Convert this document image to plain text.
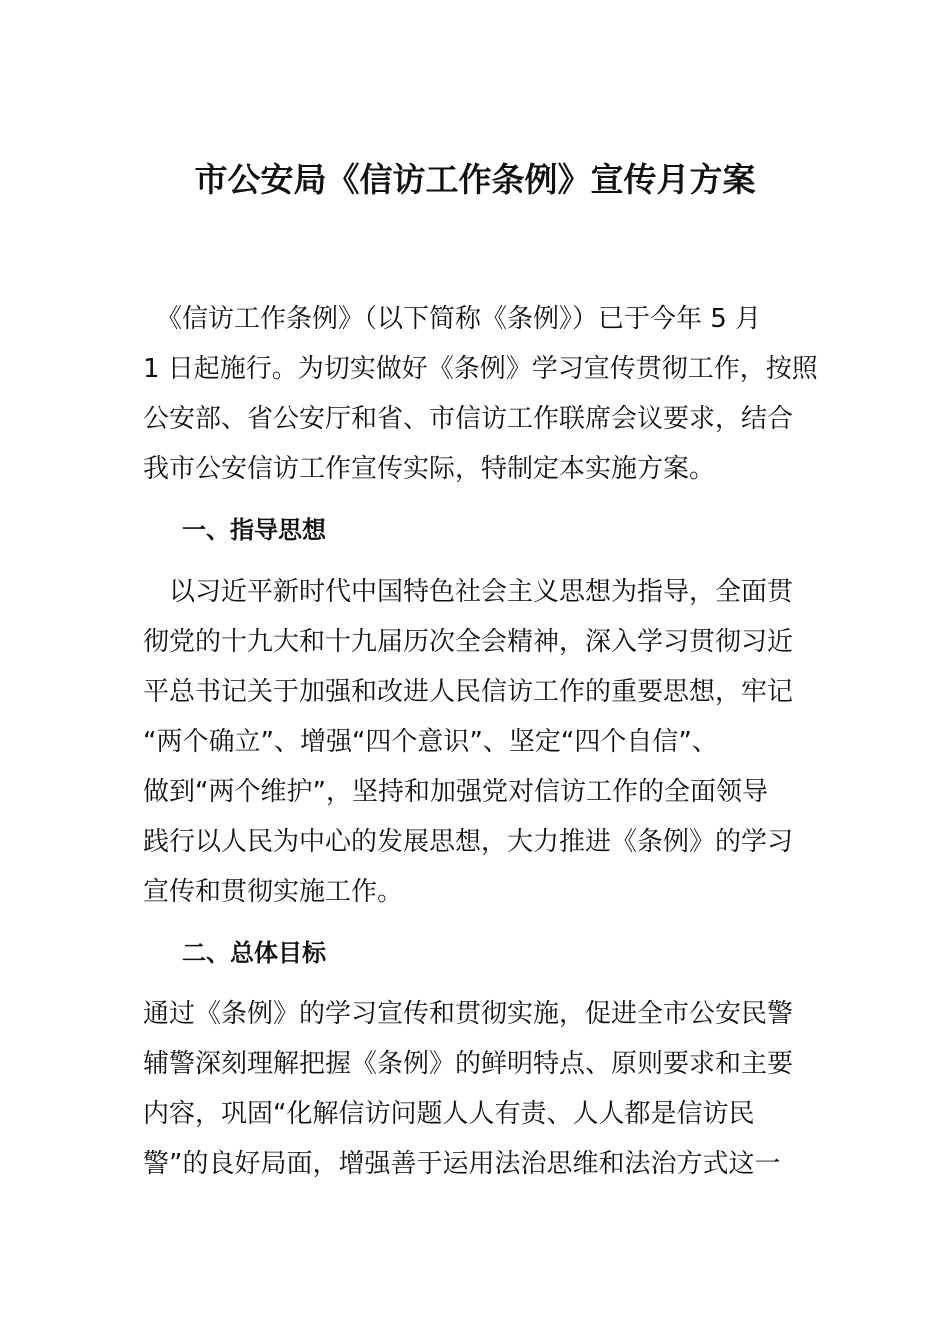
市公安局《信访工作条例》宣传月方案
　《信访工作条例》（以下简称《条例》）已于今年 5 月
1 日起施行。为切实做好《条例》学习宣传贯彻工作，按照
公安部、省公安厅和省、市信访工作联席会议要求，结合
我市公安信访工作宣传实际，特制定本实施方案。
一、指导思想
　以习近平新时代中国特色社会主义思想为指导，全面贯
彻党的十九大和十九届历次全会精神，深入学习贯彻习近
平总书记关于加强和改进人民信访工作的重要思想，牢记
“两个确立”、增强“四个意识”、坚定“四个自信”、
做到“两个维护”，坚持和加强党对信访工作的全面领导
践行以人民为中心的发展思想，大力推进《条例》的学习
宣传和贯彻实施工作。
二、总体目标
通过《条例》的学习宣传和贯彻实施，促进全市公安民警
辅警深刻理解把握《条例》的鲜明特点、原则要求和主要
内容，巩固“化解信访问题人人有责、人人都是信访民
警”的良好局面，增强善于运用法治思维和法治方式这一
